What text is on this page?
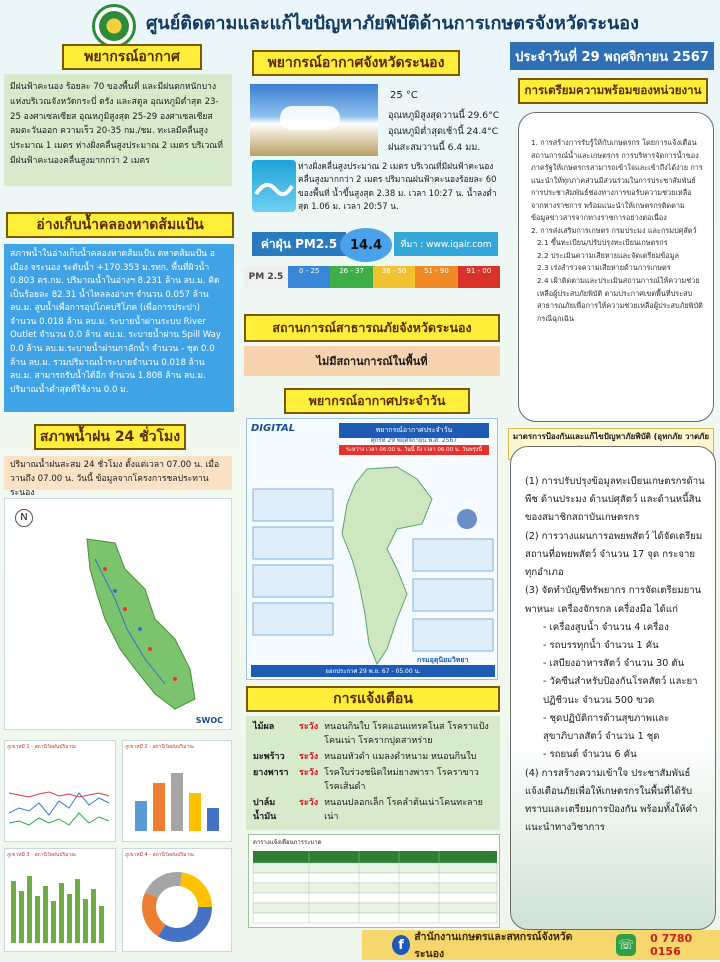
ศูนย์ติดตามและแก้ไขปัญหาภัยพิบัติด้านการเกษตรจังหวัดระนอง
พยากรณ์อากาศ
มีฝนฟ้าคะนอง ร้อยละ 70 ของพื้นที่ และมีฝนตกหนักบางแห่งบริเวณจังหวัดกระบี่ ตรัง และสตูล อุณหภูมิต่ำสุด 23-25 องศาเซลเซียส อุณหภูมิสูงสุด 25-29 องศาเซลเซียส ลมตะวันออก ความเร็ว 20-35 กม./ชม. ทะเลมีคลื่นสูงประมาณ 1 เมตร ห่างฝั่งคลื่นสูงประมาณ 2 เมตร บริเวณที่มีฝนฟ้าคะนองคลื่นสูงมากกว่า 2 เมตร
อ่างเก็บน้ำคลองหาดส้มแป้น
สภาพน้ำในอ่างเก็บน้ำคลองหาดส้มแป้น ตหาดส้มแป้น อเมือง จระนอง ระดับน้ำ +170.353 ม.รทก. พื้นที่ผิวน้ำ 0.803 ตร.กม. ปริมาณน้ำในอ่างฯ 8.231 ล้าน ลบ.ม. คิดเป็นร้อยละ 82.31 น้ำไหลลงอ่างฯ จำนวน 0.057 ล้าน ลบ.ม. สูบน้ำเพื่อการอุปโภคบริโภค (เพื่อการประปา) จำนวน 0.018 ล้าน ลบ.ม. ระบายน้ำผ่านระบบ River Outlet จำนวน 0.0 ล้าน ลบ.ม. ระบายน้ำผ่าน Spill Way 0.0 ล้าน ลบ.ม.ระบายน้ำผ่านกาลักน้ำ จำนวน - ชุด 0.0 ล้าน ลบ.ม. รวมปริมาณน้ำระบายจำนวน 0.018 ล้าน ลบ.ม. สามารถรับน้ำได้อีก จำนวน 1.808 ล้าน ลบ.ม. ปริมาณน้ำต่ำสุดที่ใช้งาน 0.0 ม.
สภาพน้ำฝน 24 ชั่วโมง
ปริมาณน้ำฝนสะสม 24 ชั่วโมง ตั้งแต่เวลา 07.00 น. เมื่อวานถึง 07.00 น. วันนี้ ข้อมูลจากโครงการชลประทานระนอง
N
SWOC
ภูเขาหมี 1 - สถานีวัดฝนปริมาณ	ภูเขาหมี 2 - สถานีวัดฝนปริมาณ
ภูเขาหมี 3 - สถานีวัดฝนปริมาณ	ภูเขาหมี 4 - สถานีวัดฝนปริมาณ
พยากรณ์อากาศจังหวัดระนอง
25 °C
อุณหภูมิสูงสุดวานนี้ 29.6°C
อุณหภูมิต่ำสุดเช้านี้ 24.4°C
ฝนสะสมวานนี้ 6.4 มม.
ห่างฝั่งคลื่นสูงประมาณ 2 เมตร บริเวณที่มีฝนฟ้าคะนองคลื่นสูงมากกว่า 2 เมตร ปริมาณฝนฟ้าคะนองร้อยละ 60 ของพื้นที่ น้ำขึ้นสูงสุด 2.38 ม. เวลา 10:27 น. น้ำลงต่ำสุด 1.06 ม. เวลา 20:57 น.
ค่าฝุ่น PM2.5 14.4	ที่มา : www.iqair.com
PM 2.5
0 - 25	26 - 37	38 - 50	51 - 90	91 - 00
สถานการณ์สาธารณภัยจังหวัดระนอง
ไม่มีสถานการณ์ในพื้นที่
พยากรณ์อากาศประจำวัน
DIGITAL	พยากรณ์อากาศประจำวัน
ศุกร์ที่ 29 พฤศจิกายน พ.ศ. 2567
ระหว่าง เวลา 06.00 น. วันนี้ ถึง เวลา 06.00 น. วันพรุ่งนี้
กรมอุตุนิยมวิทยา
ออกประกาศ 29 พ.ย. 67 - 05.00 น.
การแจ้งเตือน
ไม้ผล	ระวัง	หนอนกินใบ โรคแอนแทรคโนส โรคราแป้ง โคนเน่า โรครากปุดสาหร่าย
มะพร้าว	ระวัง	หนอนหัวดำ แมลงดำหนาม หนอนกินใบ
ยางพารา	ระวัง	โรคใบร่วงชนิดใหม่ยางพารา โรคราขาว โรคเส้นดำ
ปาล์มน้ำมัน	ระวัง	หนอนปลอกเล็ก โรคลำต้นเน่าโคนทะลายเน่า
ตารางแจ้งเตือนการระบาด
ประจำวันที่ 29 พฤศจิกายน 2567
การเตรียมความพร้อมของหน่วยงาน
1. การสร้างการรับรู้ให้กับเกษตรกร โดยการแจ้งเตือนสถานการณ์น้ำและเกษตรกร การบริหารจัดการน้ำของภาครัฐให้เกษตรกรสามารถเข้าใจและเข้าถึงได้ง่าย การแนะนำให้ทุกภาคส่วนมีส่วนร่วมในการประชาสัมพันธ์ การประชาสัมพันธ์ช่องทางการขอรับความช่วยเหลือจากทางราชการ พร้อมแนะนำให้เกษตรกรติดตามข้อมูลข่าวสารจากทางราชการอย่างต่อเนื่อง
2. การส่งเสริมการเกษตร กรมประมง และกรมปศุสัตว์
2.1 ขึ้นทะเบียน/ปรับปรุงทะเบียนเกษตรกร
2.2 ประเมินความเสียหายและจัดเตรียมข้อมูล
2.3 เร่งสำรวจความเสียหายด้านการเกษตร
2.4 เฝ้าติดตามและประเมินสถานการณ์ให้ความช่วยเหลือผู้ประสบภัยพิบัติ ตามประกาศเขตพื้นที่ประสบสาธารณภัยเพื่อการให้ความช่วยเหลือผู้ประสบภัยพิบัติกรณีฉุกเฉิน
มาตรการป้องกันและแก้ไขปัญหาภัยพิบัติ (อุทกภัย วาตภัย
(1) การปรับปรุงข้อมูลทะเบียนเกษตรกรด้านพืช ด้านประมง ด้านปศุสัตว์ และด้านหนี้สินของสมาชิกสถาบันเกษตรกร
(2) การวางแผนการอพยพสัตว์ ได้จัดเตรียมสถานที่อพยพสัตว์ จำนวน 17 จุด กระจายทุกอำเภอ
(3) จัดทำบัญชีทรัพยากร การจัดเตรียมยานพาหนะ เครื่องจักรกล เครื่องมือ ได้แก่
- เครื่องสูบน้ำ จำนวน 4 เครื่อง
- รถบรรทุกน้ำ จำนวน 1 คัน
- เสบียงอาหารสัตว์ จำนวน 30 ตัน
- วัคซีนสำหรับป้องกันโรคสัตว์ และยาปฏิชีวนะ จำนวน 500 ขวด
- ชุดปฏิบัติการด้านสุขภาพและสุขาภิบาลสัตว์ จำนวน 1 ชุด
- รถยนต์ จำนวน 6 คัน
(4) การสร้างความเข้าใจ ประชาสัมพันธ์แจ้งเตือนภัยเพื่อให้เกษตรกรในพื้นที่ได้รับทราบและเตรียมการป้องกัน พร้อมทั้งให้คำแนะนำทางวิชาการ
f
สำนักงานเกษตรและสหกรณ์จังหวัดระนอง
☏ 0 7780 0156
